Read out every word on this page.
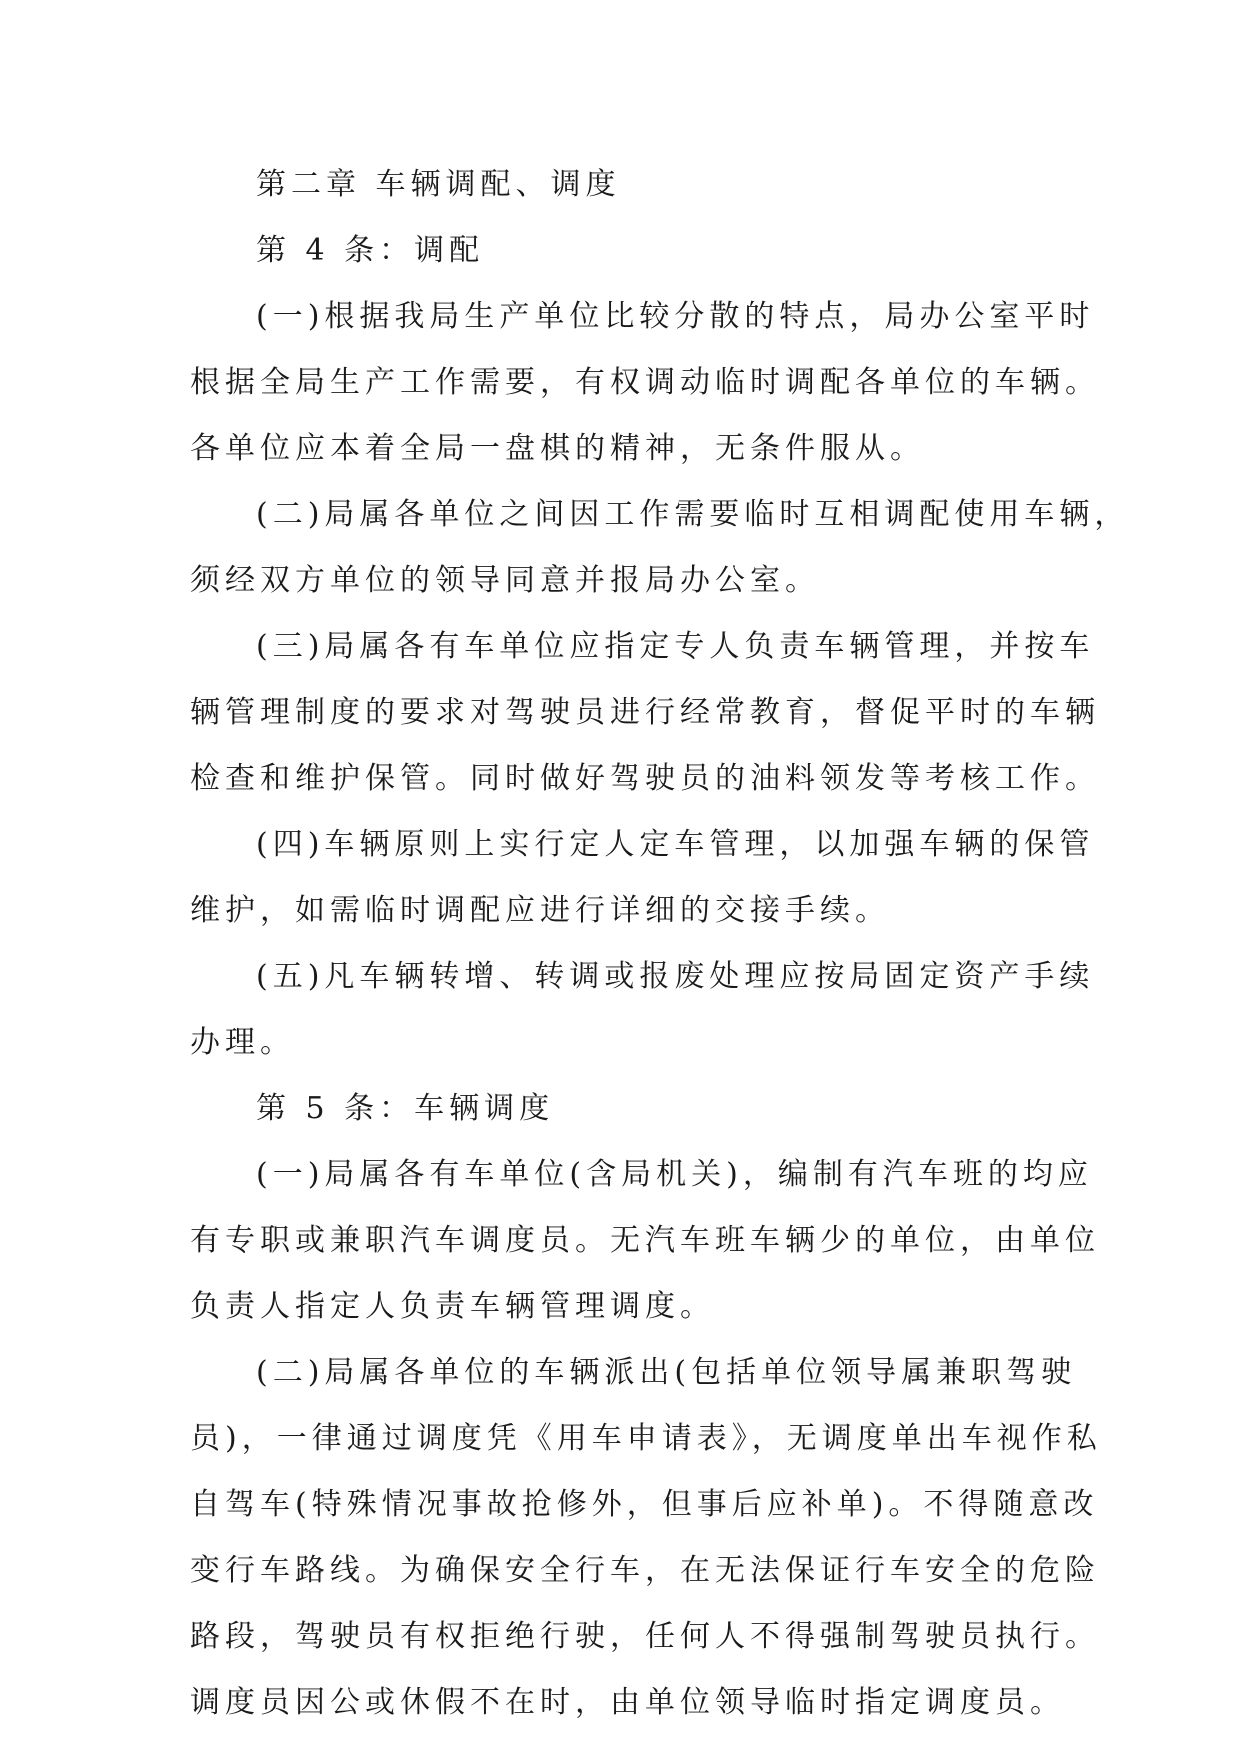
第二章 车辆调配、调度
第 4 条：调配
(一)根据我局生产单位比较分散的特点，局办公室平时
根据全局生产工作需要，有权调动临时调配各单位的车辆。
各单位应本着全局一盘棋的精神，无条件服从。
(二)局属各单位之间因工作需要临时互相调配使用车辆，
须经双方单位的领导同意并报局办公室。
(三)局属各有车单位应指定专人负责车辆管理，并按车
辆管理制度的要求对驾驶员进行经常教育，督促平时的车辆
检查和维护保管。同时做好驾驶员的油料领发等考核工作。
(四)车辆原则上实行定人定车管理，以加强车辆的保管
维护，如需临时调配应进行详细的交接手续。
(五)凡车辆转增、转调或报废处理应按局固定资产手续
办理。
第 5 条：车辆调度
(一)局属各有车单位(含局机关)，编制有汽车班的均应
有专职或兼职汽车调度员。无汽车班车辆少的单位，由单位
负责人指定人负责车辆管理调度。
(二)局属各单位的车辆派出(包括单位领导属兼职驾驶
员)，一律通过调度凭《用车申请表》，无调度单出车视作私
自驾车(特殊情况事故抢修外，但事后应补单)。不得随意改
变行车路线。为确保安全行车，在无法保证行车安全的危险
路段，驾驶员有权拒绝行驶，任何人不得强制驾驶员执行。
调度员因公或休假不在时，由单位领导临时指定调度员。
